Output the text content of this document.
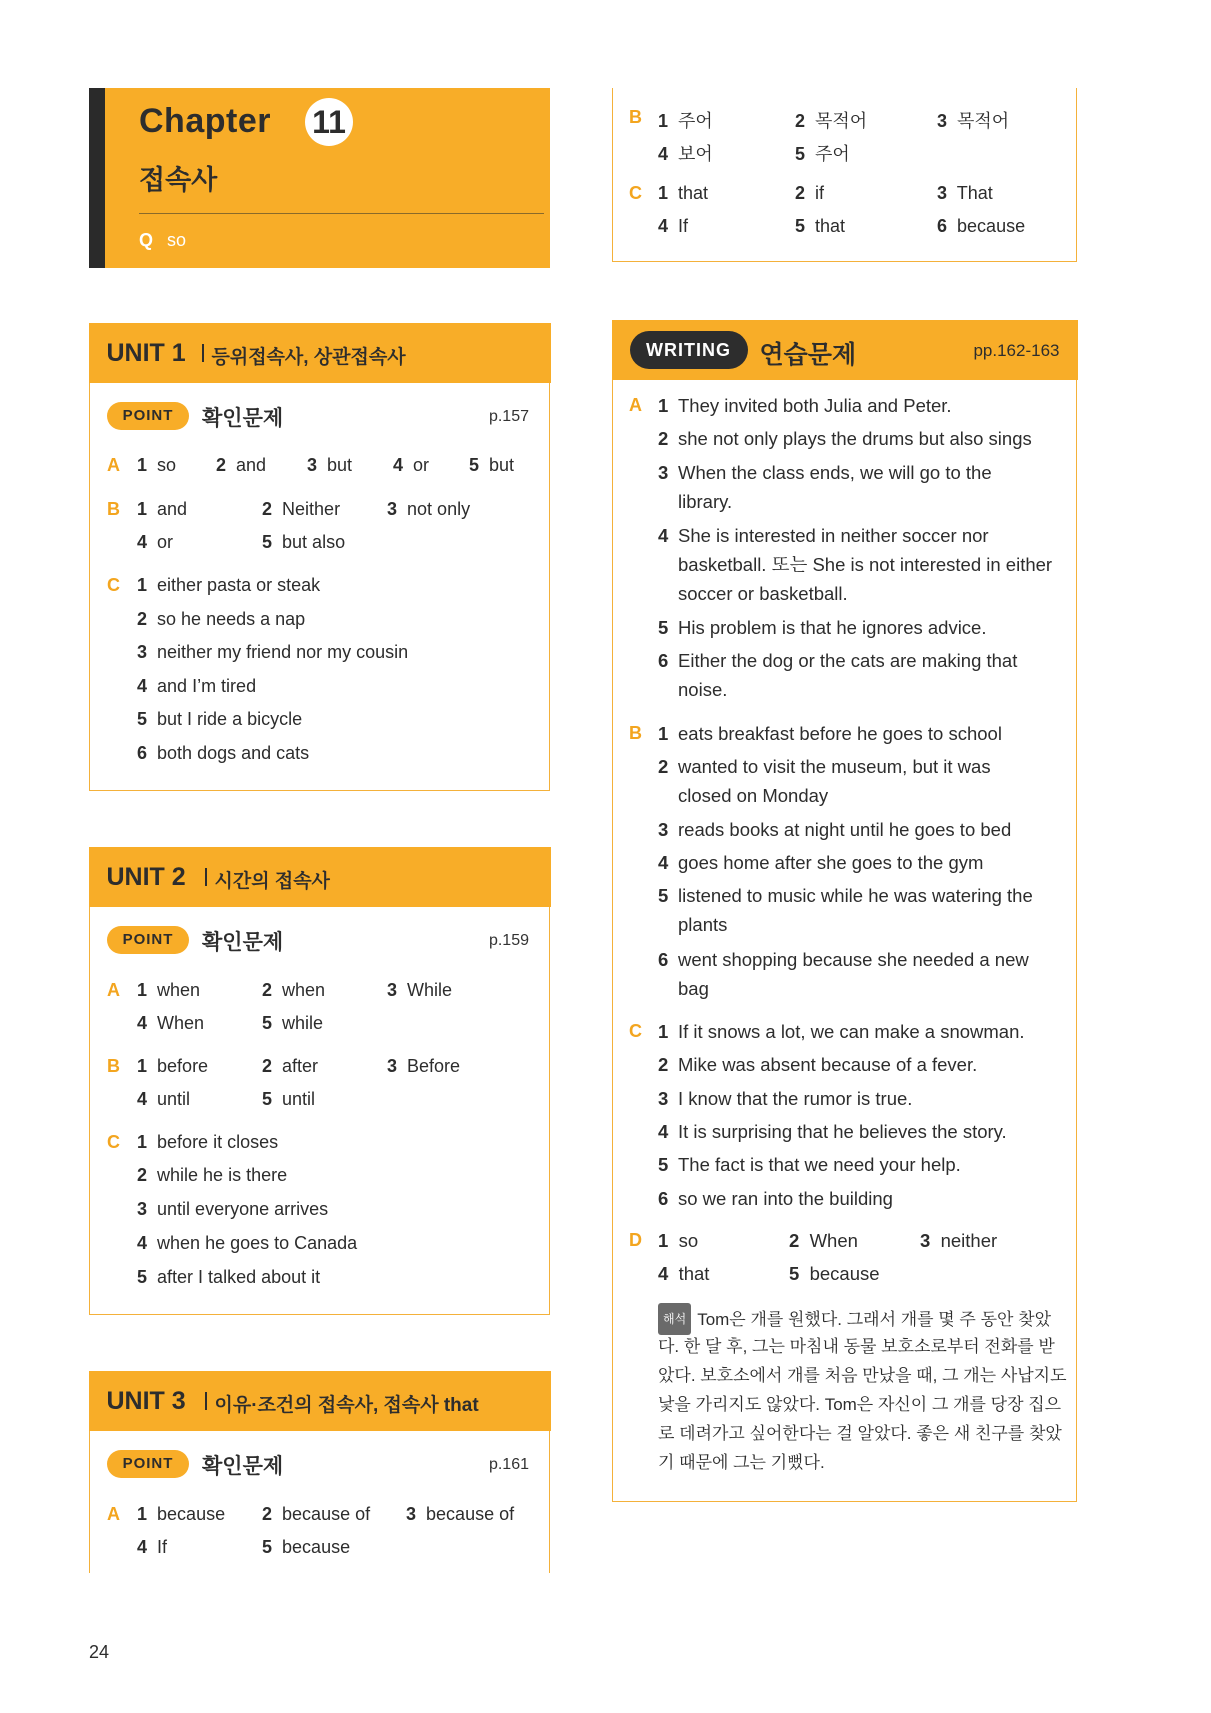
Chapter 11
접속사
Q so
UNIT 1 등위접속사, 상관접속사
POINT	확인문제	p.157
A 1 so 2 and 3 but 4 or 5 but
B 1 and	2 Neither	3 not only
4 or	5 but also
C 1 either pasta or steak
2 so he needs a nap
3 neither my friend nor my cousin
4 and I’m tired
5 but I ride a bicycle
6 both dogs and cats
UNIT 2 시간의 접속사
POINT	확인문제	p.159
A 1 when	2 when	3 While
4 When	5 while
B 1 before	2 after	3 Before
4 until	5 until
C 1 before it closes
2 while he is there
3 until everyone arrives
4 when he goes to Canada
5 after I talked about it
UNIT 3 이유·조건의 접속사, 접속사 that
POINT	확인문제	p.161
A 1 because 2 because of 3 because of
4 If	5 because
B 1 주어	2 목적어	3 목적어
4 보어	5 주어
C 1 that	2 if	3 That
4 If	5 that	6 because
WRITING	연습문제	pp.162-163
A 1 They invited both Julia and Peter.
2 she not only plays the drums but also sings
3 When the class ends, we will go to the
library.
4 She is interested in neither soccer nor
basketball. 또는 She is not interested in either
soccer or basketball.
5 His problem is that he ignores advice.
6 Either the dog or the cats are making that
noise.
B 1 eats breakfast before he goes to school
2 wanted to visit the museum, but it was
closed on Monday
3 reads books at night until he goes to bed
4 goes home after she goes to the gym
5 listened to music while he was watering the
plants
6 went shopping because she needed a new
bag
C 1 If it snows a lot, we can make a snowman.
2 Mike was absent because of a fever.
3 I know that the rumor is true.
4 It is surprising that he believes the story.
5 The fact is that we need your help.
6 so we ran into the building
D 1 so	2 When	3 neither
4 that	5 because
해석 Tom은 개를 원했다. 그래서 개를 몇 주 동안 찾았
다. 한 달 후, 그는 마침내 동물 보호소로부터 전화를 받
았다. 보호소에서 개를 처음 만났을 때, 그 개는 사납지도
낯을 가리지도 않았다. Tom은 자신이 그 개를 당장 집으
로 데려가고 싶어한다는 걸 알았다. 좋은 새 친구를 찾았
기 때문에 그는 기뻤다.
24
